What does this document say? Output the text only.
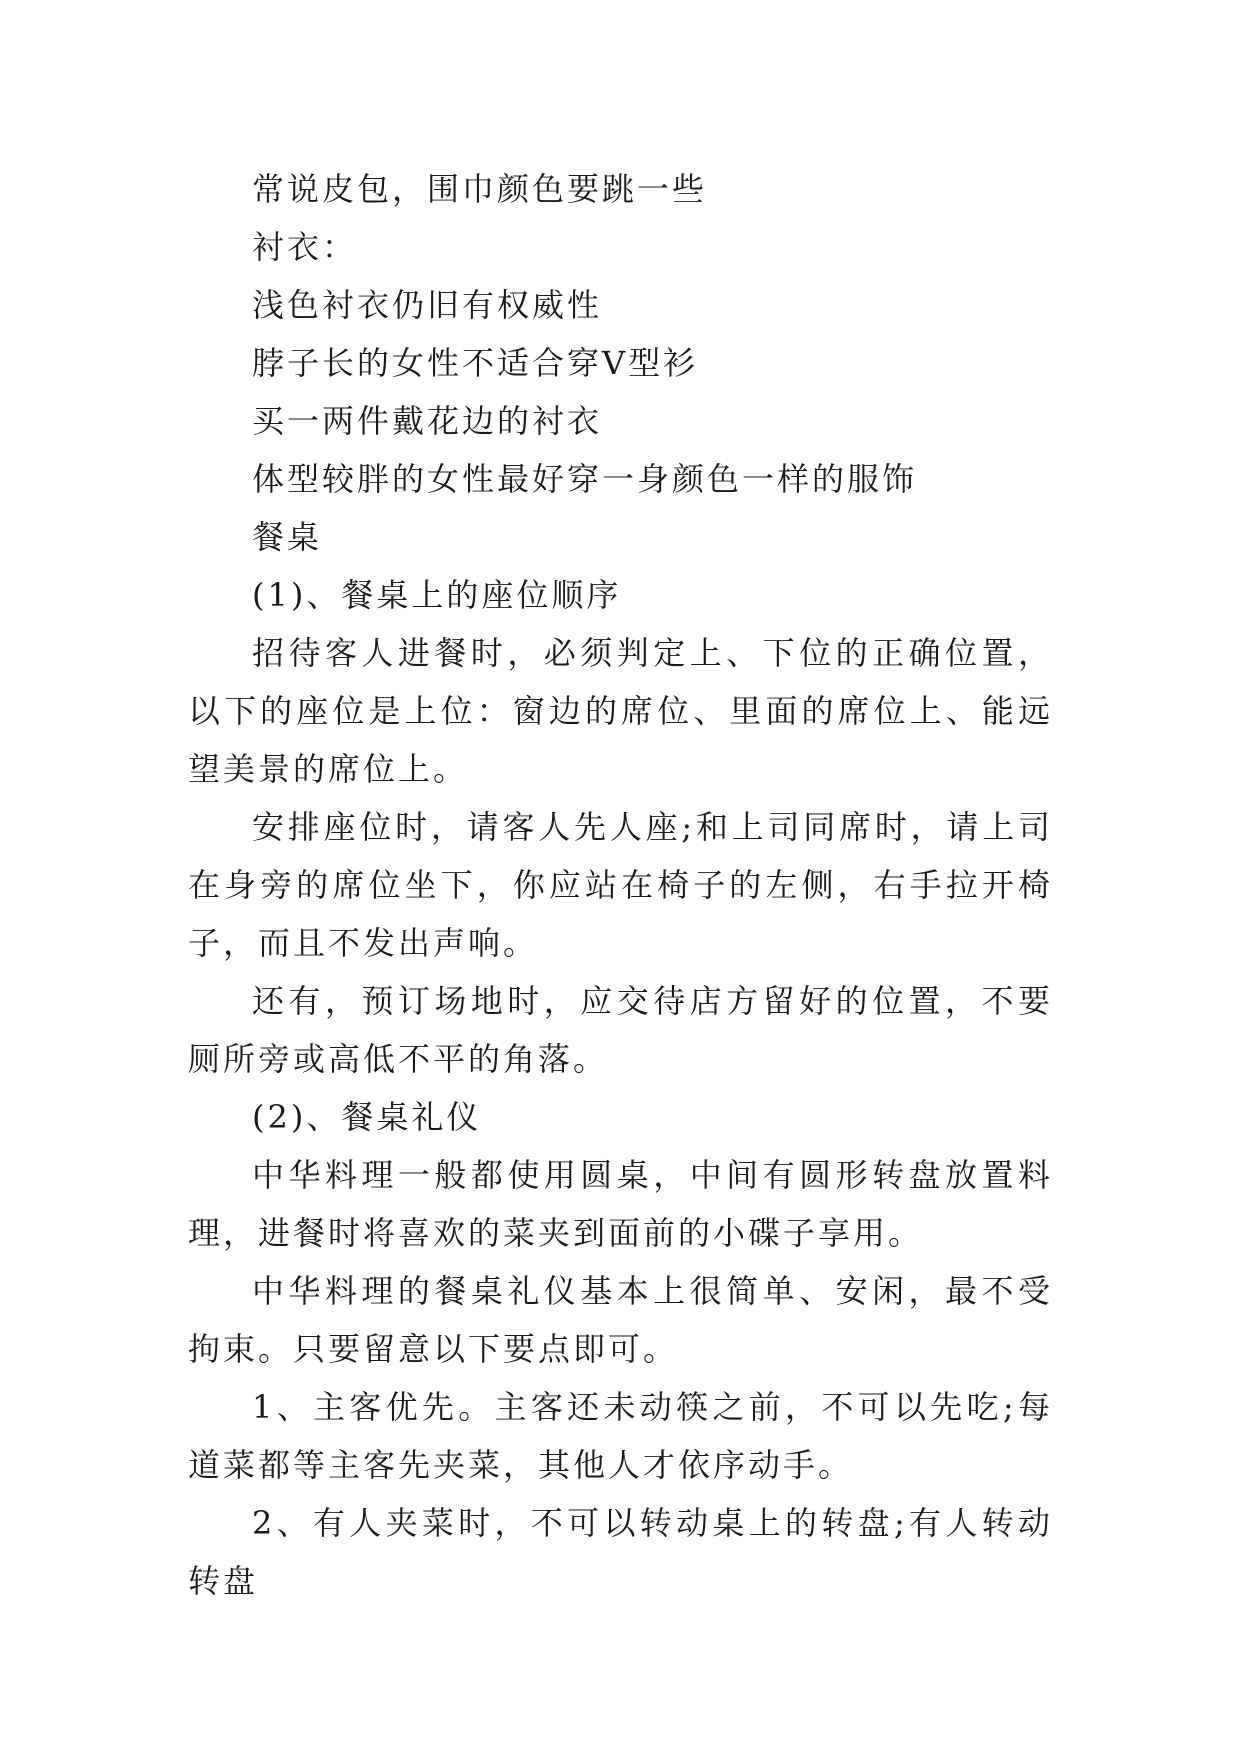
常说皮包，围巾颜色要跳一些

衬衣：

浅色衬衣仍旧有权威性

脖子长的女性不适合穿V型衫

买一两件戴花边的衬衣

体型较胖的女性最好穿一身颜色一样的服饰

餐桌

(1)、餐桌上的座位顺序

招待客人进餐时，必须判定上、下位的正确位置，以下的座位是上位：窗边的席位、里面的席位上、能远望美景的席位上。

安排座位时，请客人先人座;和上司同席时，请上司在身旁的席位坐下，你应站在椅子的左侧，右手拉开椅子，而且不发出声响。

还有，预订场地时，应交待店方留好的位置，不要厕所旁或高低不平的角落。

(2)、餐桌礼仪

中华料理一般都使用圆桌，中间有圆形转盘放置料理，进餐时将喜欢的菜夹到面前的小碟子享用。

中华料理的餐桌礼仪基本上很简单、安闲，最不受拘束。只要留意以下要点即可。

1、主客优先。主客还未动筷之前，不可以先吃;每道菜都等主客先夹菜，其他人才依序动手。

2、有人夹菜时，不可以转动桌上的转盘;有人转动转盘
